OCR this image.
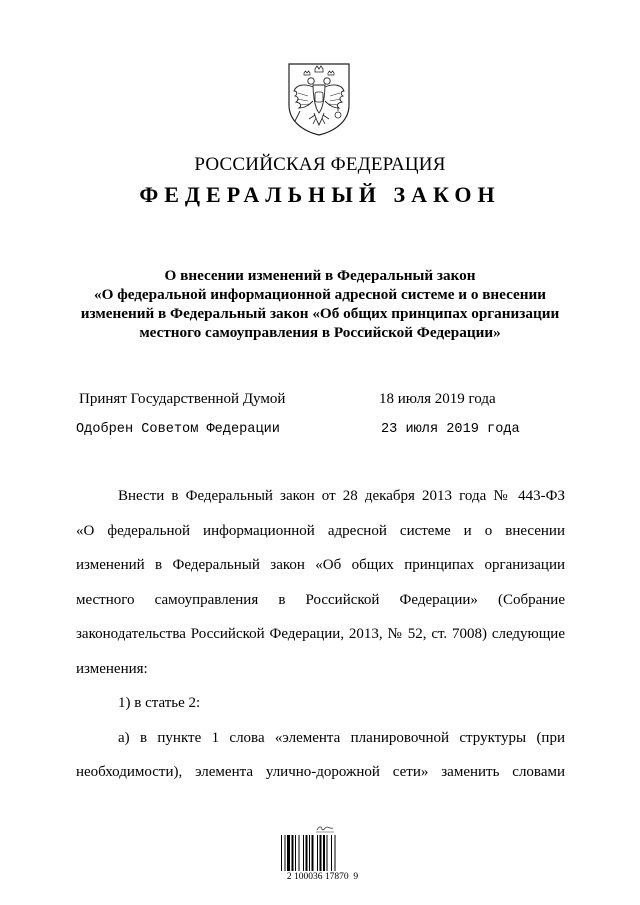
РОССИЙСКАЯ ФЕДЕРАЦИЯ
ФЕДЕРАЛЬНЫЙ ЗАКОН
О внесении изменений в Федеральный закон
«О федеральной информационной адресной системе и о внесении
изменений в Федеральный закон «Об общих принципах организации
местного самоуправления в Российской Федерации»
Принят Государственной Думой	18 июля 2019 года
Одобрен Советом Федерации	23 июля 2019 года

Внести в Федеральный закон от 28 декабря 2013 года № 443-ФЗ

«О федеральной информационной адресной системе и о внесении

изменений в Федеральный закон «Об общих принципах организации

местного самоуправления в Российской Федерации» (Собрание

законодательства Российской Федерации, 2013, № 52, ст. 7008) следующие

изменения:

1) в статье 2:

а) в пункте 1 слова «элемента планировочной структуры (при

необходимости), элемента улично-дорожной сети» заменить словами

2 100036 17870  9
